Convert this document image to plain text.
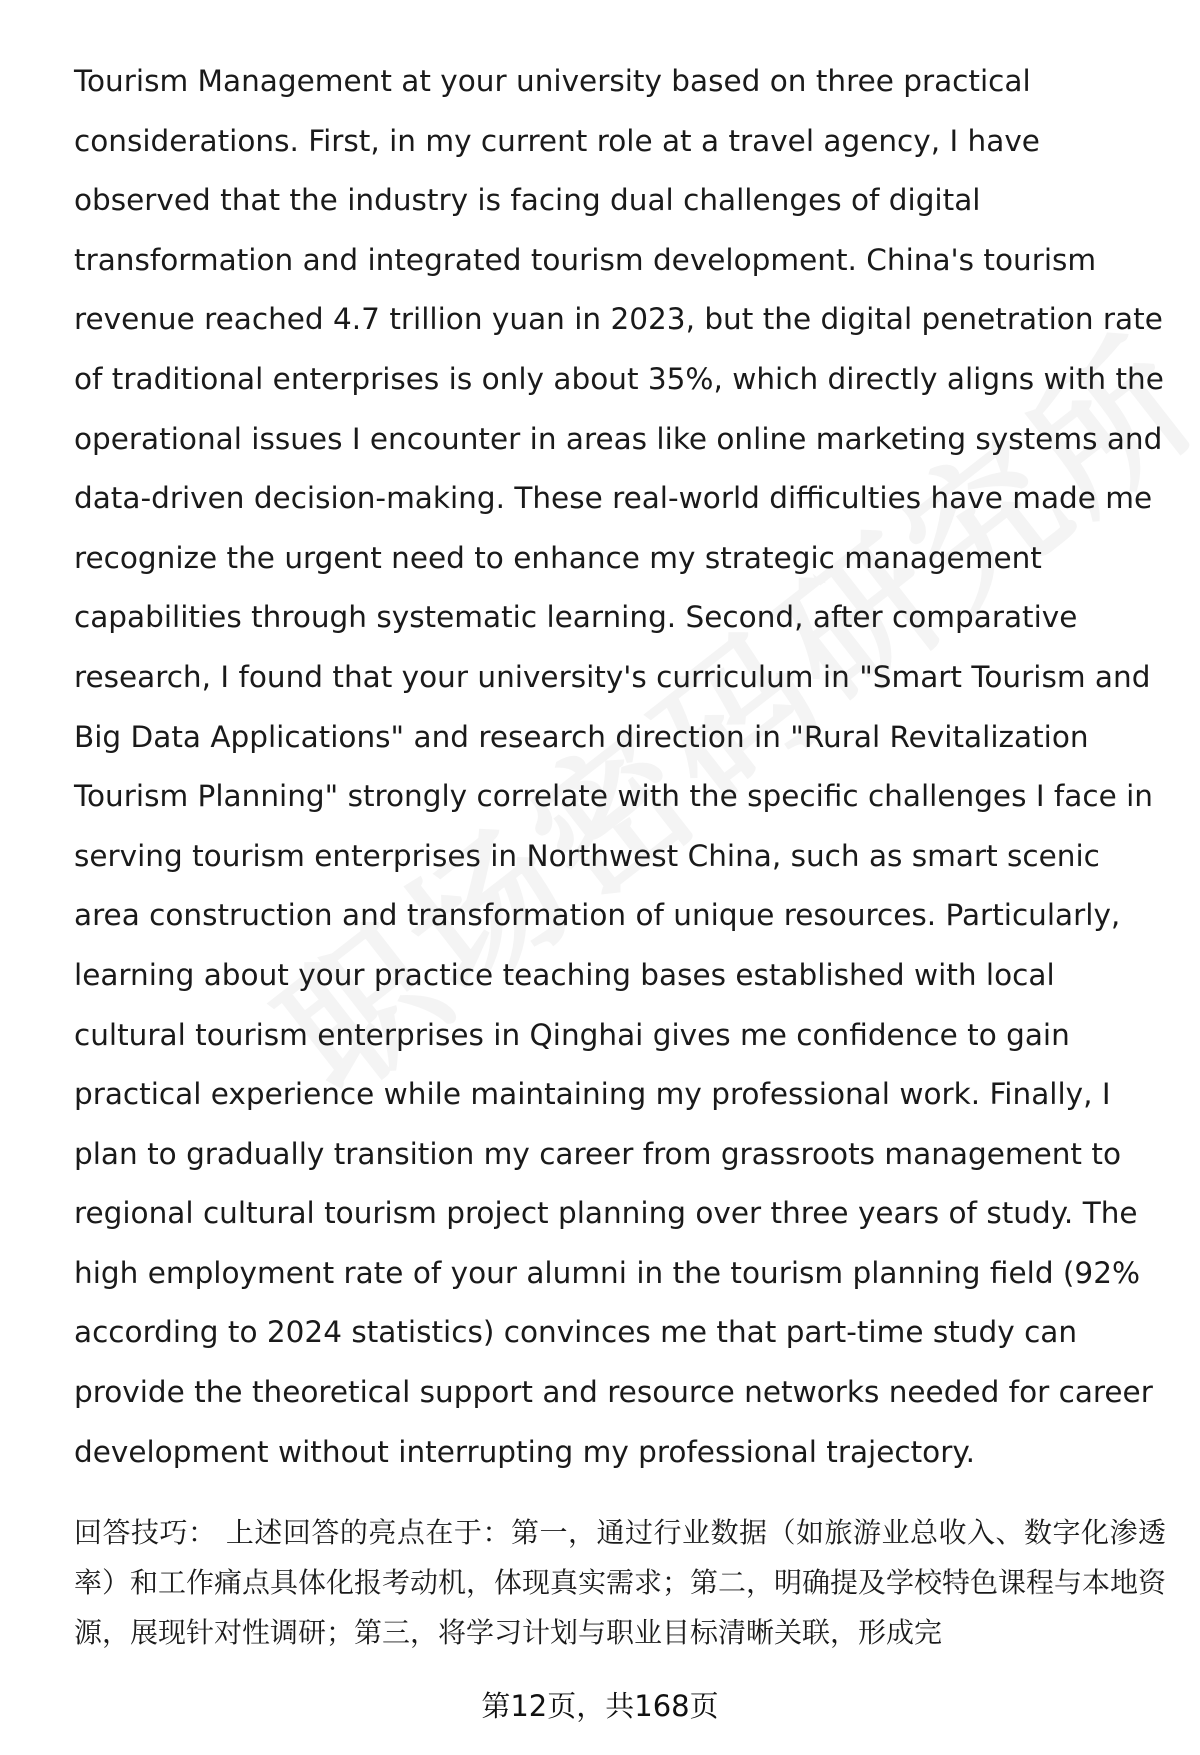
Tourism Management at your university based on three practical considerations. First, in my current role at a travel agency, I have observed that the industry is facing dual challenges of digital transformation and integrated tourism development. China's tourism revenue reached 4.7 trillion yuan in 2023, but the digital penetration rate of traditional enterprises is only about 35%, which directly aligns with the operational issues I encounter in areas like online marketing systems and data-driven decision-making. These real-world difficulties have made me recognize the urgent need to enhance my strategic management capabilities through systematic learning. Second, after comparative research, I found that your university's curriculum in "Smart Tourism and Big Data Applications" and research direction in "Rural Revitalization Tourism Planning" strongly correlate with the specific challenges I face in serving tourism enterprises in Northwest China, such as smart scenic area construction and transformation of unique resources. Particularly, learning about your practice teaching bases established with local cultural tourism enterprises in Qinghai gives me confidence to gain practical experience while maintaining my professional work. Finally, I plan to gradually transition my career from grassroots management to regional cultural tourism project planning over three years of study. The high employment rate of your alumni in the tourism planning field (92% according to 2024 statistics) convinces me that part-time study can provide the theoretical support and resource networks needed for career development without interrupting my professional trajectory.

回答技巧： 上述回答的亮点在于：第一，通过行业数据（如旅游业总收入、数字化渗透率）和工作痛点具体化报考动机，体现真实需求；第二，明确提及学校特色课程与本地资源，展现针对性调研；第三，将学习计划与职业目标清晰关联，形成完

第12页，共168页
